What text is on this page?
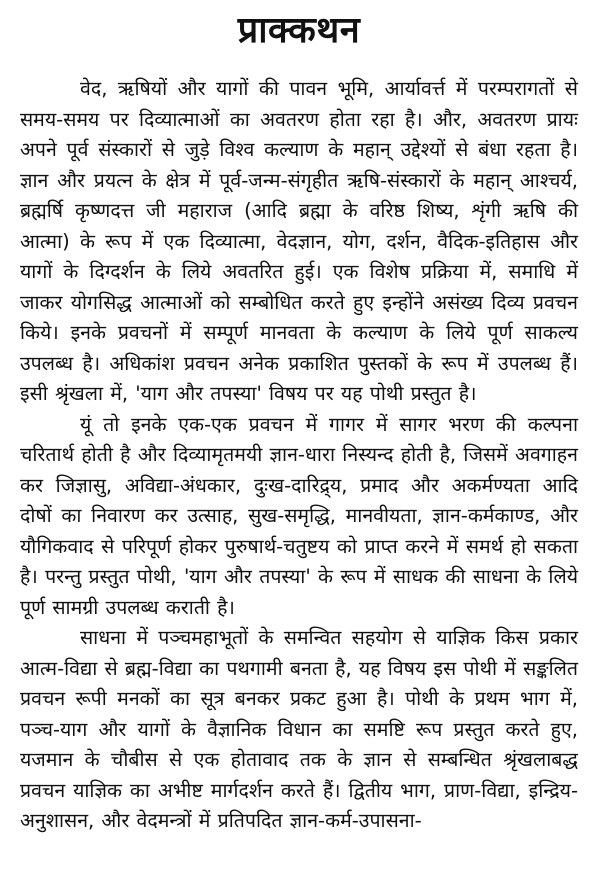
प्राक्कथन

वेद, ऋषियों और यागों की पावन भूमि, आर्यावर्त्त में परम्परागतों से समय-समय पर दिव्यात्माओं का अवतरण होता रहा है। और, अवतरण प्रायः अपने पूर्व संस्कारों से जुड़े विश्व कल्याण के महान् उद्देश्यों से बंधा रहता है। ज्ञान और प्रयत्न के क्षेत्र में पूर्व-जन्म-संगृहीत ऋषि-संस्कारों के महान् आश्चर्य, ब्रह्मर्षि कृष्णदत्त जी महाराज (आदि ब्रह्मा के वरिष्ठ शिष्य, शृंगी ऋषि की आत्मा) के रूप में एक दिव्यात्मा, वेदज्ञान, योग, दर्शन, वैदिक-इतिहास और यागों के दिग्दर्शन के लिये अवतरित हुई। एक विशेष प्रक्रिया में, समाधि में जाकर योगसिद्ध आत्माओं को सम्बोधित करते हुए इन्होंने असंख्य दिव्य प्रवचन किये। इनके प्रवचनों में सम्पूर्ण मानवता के कल्याण के लिये पूर्ण साकल्य उपलब्ध है। अधिकांश प्रवचन अनेक प्रकाशित पुस्तकों के रूप में उपलब्ध हैं। इसी श्रृंखला में, 'याग और तपस्या' विषय पर यह पोथी प्रस्तुत है।

यूं तो इनके एक-एक प्रवचन में गागर में सागर भरण की कल्पना चरितार्थ होती है और दिव्यामृतमयी ज्ञान-धारा निस्यन्द होती है, जिसमें अवगाहन कर जिज्ञासु, अविद्या-अंधकार, दुःख-दारिद्र्य, प्रमाद और अकर्मण्यता आदि दोषों का निवारण कर उत्साह, सुख-समृद्धि, मानवीयता, ज्ञान-कर्मकाण्ड, और यौगिकवाद से परिपूर्ण होकर पुरुषार्थ-चतुष्टय को प्राप्त करने में समर्थ हो सकता है। परन्तु प्रस्तुत पोथी, 'याग और तपस्या' के रूप में साधक की साधना के लिये पूर्ण सामग्री उपलब्ध कराती है।

साधना में पञ्चमहाभूतों के समन्वित सहयोग से याज्ञिक किस प्रकार आत्म-विद्या से ब्रह्म-विद्या का पथगामी बनता है, यह विषय इस पोथी में सङ्कलित प्रवचन रूपी मनकों का सूत्र बनकर प्रकट हुआ है। पोथी के प्रथम भाग में, पञ्च-याग और यागों के वैज्ञानिक विधान का समष्टि रूप प्रस्तुत करते हुए, यजमान के चौबीस से एक होतावाद तक के ज्ञान से सम्बन्धित श्रृंखलाबद्ध प्रवचन याज्ञिक का अभीष्ट मार्गदर्शन करते हैं। द्वितीय भाग, प्राण-विद्या, इन्द्रिय-अनुशासन, और वेदमन्त्रों में प्रतिपदित ज्ञान-कर्म-उपासना-
